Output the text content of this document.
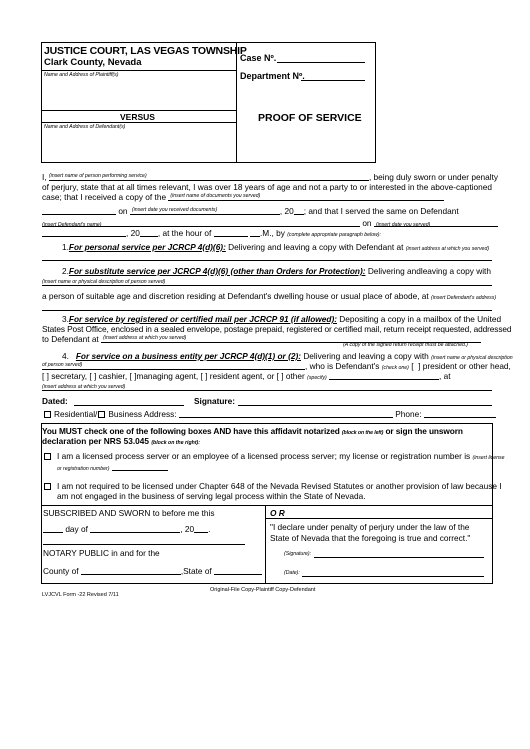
JUSTICE COURT, LAS VEGAS TOWNSHIP
Clark County, Nevada
Name and Address of Plaintiff(s)
VERSUS
Name and Address of Defendant(s)
Case Nº.
Department Nº.
PROOF OF SERVICE
I, (insert name of person performing service)	, being duly sworn or under penalty
of perjury, state that at all times relevant, I was over 18 years of age and not a party to or interested in the above-captioned
case; that I received a copy of the (insert name of documents you served)
on (insert date you received documents)	, 20 ; and that I served the same on Defendant
(insert Defendant's name)	on (insert date you served)
, 20 , at the hour of	.M., by (complete appropriate paragraph below):
1.For personal service per JCRCP 4(d)(6): Delivering and leaving a copy with Defendant at (insert address at which you served)
2.For substitute service per JCRCP 4(d)(6) (other than Orders for Protection): Delivering andleaving a copy with
(insert name or physical description of person served)
a person of suitable age and discretion residing at Defendant's dwelling house or usual place of abode, at (insert Defendant's address)
3.For service by registered or certified mail per JCRCP 91 (if allowed): Depositing a copy in a mailbox of the United
States Post Office, enclosed in a sealed envelope, postage prepaid, registered or certified mail, return receipt requested, addressed
to Defendant at (insert address at which you served)
(A copy of the signed return receipt must be attached.)
4. For service on a business entity per JCRCP 4(d)(1) or (2): Delivering and leaving a copy with (insert name or physical description
of person served)	, who is Defendant's (check one) [  ] president or other head,
[ ] secretary, [ ] cashier, [ ]managing agent, [ ] resident agent, or [ ] other (specify)	, at
(insert address at which you served)
Dated:	Signature:
Residential/ Business Address:	Phone:
You MUST check one of the following boxes AND have this affidavit notarized (block on the left) or sign the unsworn
declaration per NRS 53.045 (block on the right):
I am a licensed process server or an employee of a licensed process server; my license or registration number is (insert license
or registration number)
I am not required to be licensed under Chapter 648 of the Nevada Revised Statutes or another provision of law because I
am not engaged in the business of serving legal process within the State of Nevada.
SUBSCRIBED AND SWORN to before me this
day of	, 20 .
NOTARY PUBLIC in and for the
County of	,State of
O R
"I declare under penalty of perjury under the law of the State of Nevada that the foregoing is true and correct."
(Signature):
(Date):
LVJCVL Form -22 Revised 7/11
Original-File Copy-Plaintiff Copy-Defendant
